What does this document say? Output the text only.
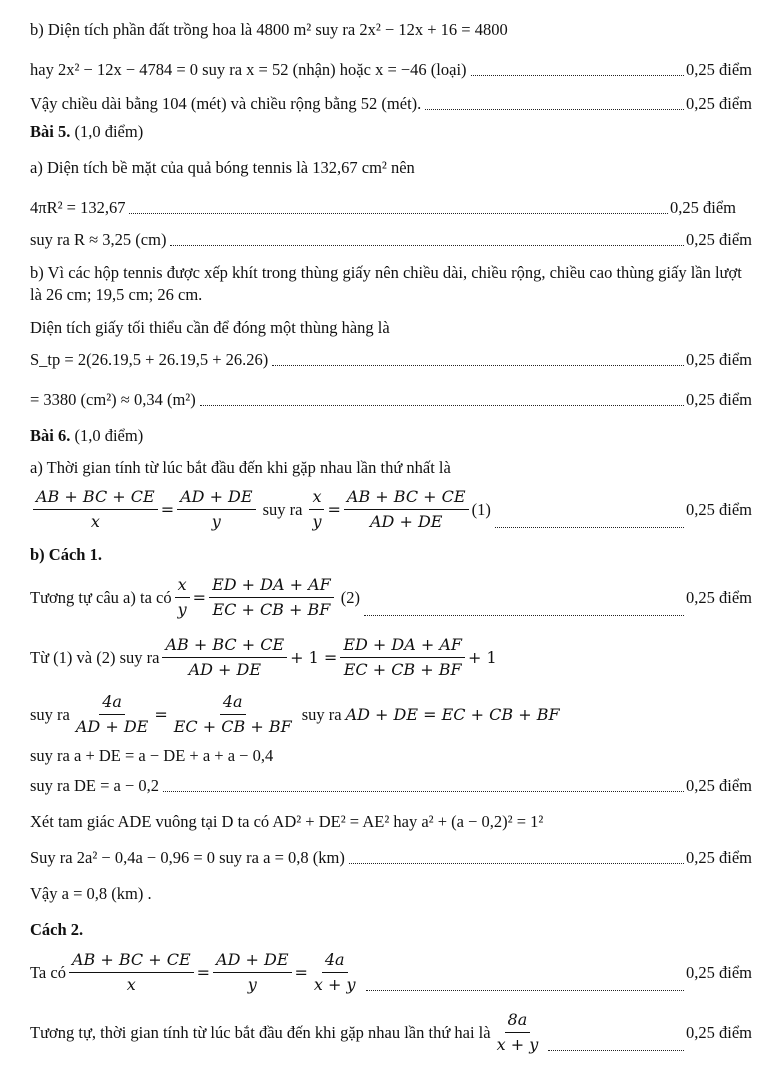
b) Diện tích phần đất trồng hoa là 4800 m² suy ra 2x² − 12x + 16 = 4800
hay 2x² − 12x − 4784 = 0 suy ra x = 52 (nhận) hoặc x = −46 (loại)	0,25 điểm
Vậy chiều dài bằng 104 (mét) và chiều rộng bằng 52 (mét).	0,25 điểm
Bài 5. (1,0 điểm)
a) Diện tích bề mặt của quả bóng tennis là 132,67 cm² nên
4πR² = 132,67	0,25 điểm
suy ra R ≈ 3,25 (cm)	0,25 điểm
b) Vì các hộp tennis được xếp khít trong thùng giấy nên chiều dài, chiều rộng, chiều cao thùng giấy lần lượt là 26 cm; 19,5 cm; 26 cm.
Diện tích giấy tối thiểu cần để đóng một thùng hàng là
S_tp = 2(26.19,5 + 26.19,5 + 26.26)	0,25 điểm
= 3380 (cm²) ≈ 0,34 (m²)	0,25 điểm
Bài 6. (1,0 điểm)
a) Thời gian tính từ lúc bắt đầu đến khi gặp nhau lần thứ nhất là
$\frac{AB + BC + CE}{x} = \frac{AD + DE}{y}$ suy ra $\frac{x}{y} = \frac{AB + BC + CE}{AD + DE} (1)$	0,25 điểm
b) Cách 1.
Tương tự câu a) ta có $\frac{x}{y} = \frac{ED + DA + AF}{EC + CB + BF} (2)$	0,25 điểm
Từ (1) và (2) suy ra $\frac{AB + BC + CE}{AD + DE} + 1 = \frac{ED + DA + AF}{EC + CB + BF} + 1$
suy ra $\frac{4a}{AD + DE} = \frac{4a}{EC + CB + BF}$ suy ra AD + DE = EC + CB + BF
suy ra a + DE = a − DE + a + a − 0,4
suy ra DE = a − 0,2	0,25 điểm
Xét tam giác ADE vuông tại D ta có AD² + DE² = AE² hay a² + (a − 0,2)² = 1²
Suy ra 2a² − 0,4a − 0,96 = 0 suy ra a = 0,8 (km)	0,25 điểm
Vậy a = 0,8 (km) .
Cách 2.
Ta có $\frac{AB + BC + CE}{x} = \frac{AD + DE}{y} = \frac{4a}{x + y}$	0,25 điểm
Tương tự, thời gian tính từ lúc bắt đầu đến khi gặp nhau lần thứ hai là $\frac{8a}{x + y}$	0,25 điểm
